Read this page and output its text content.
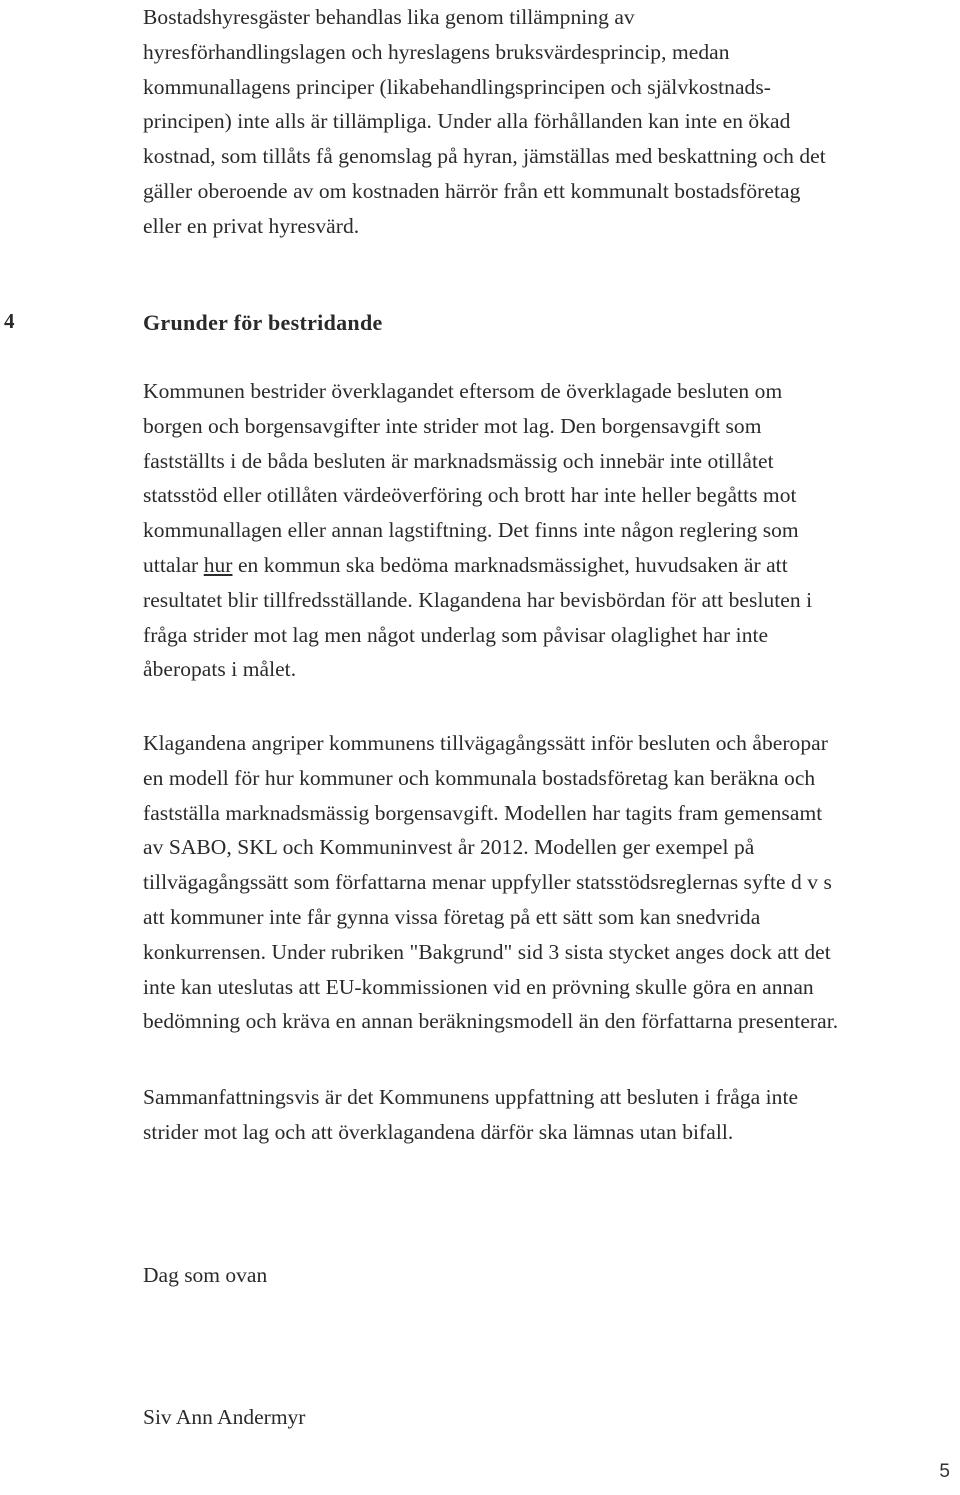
Bostadshyresgäster behandlas lika genom tillämpning av
hyresförhandlingslagen och hyreslagens bruksvärdesprincip, medan
kommunallagens principer (likabehandlingsprincipen och självkostnads-
principen) inte alls är tillämpliga. Under alla förhållanden kan inte en ökad
kostnad, som tillåts få genomslag på hyran, jämställas med beskattning och det
gäller oberoende av om kostnaden härrör från ett kommunalt bostadsföretag
eller en privat hyresvärd.
4	Grunder för bestridande
Kommunen bestrider överklagandet eftersom de överklagade besluten om
borgen och borgensavgifter inte strider mot lag. Den borgensavgift som
fastställts i de båda besluten är marknadsmässig och innebär inte otillåtet
statsstöd eller otillåten värdeöverföring och brott har inte heller begåtts mot
kommunallagen eller annan lagstiftning. Det finns inte någon reglering som
uttalar hur en kommun ska bedöma marknadsmässighet, huvudsaken är att
resultatet blir tillfredsställande. Klagandena har bevisbördan för att besluten i
fråga strider mot lag men något underlag som påvisar olaglighet har inte
åberopats i målet.
Klagandena angriper kommunens tillvägagångssätt inför besluten och åberopar
en modell för hur kommuner och kommunala bostadsföretag kan beräkna och
fastställa marknadsmässig borgensavgift. Modellen har tagits fram gemensamt
av SABO, SKL och Kommuninvest år 2012. Modellen ger exempel på
tillvägagångssätt som författarna menar uppfyller statsstödsreglernas syfte d v s
att kommuner inte får gynna vissa företag på ett sätt som kan snedvrida
konkurrensen. Under rubriken "Bakgrund" sid 3 sista stycket anges dock att det
inte kan uteslutas att EU-kommissionen vid en prövning skulle göra en annan
bedömning och kräva en annan beräkningsmodell än den författarna presenterar.
Sammanfattningsvis är det Kommunens uppfattning att besluten i fråga inte
strider mot lag och att överklagandena därför ska lämnas utan bifall.
Dag som ovan
Siv Ann Andermyr
5
